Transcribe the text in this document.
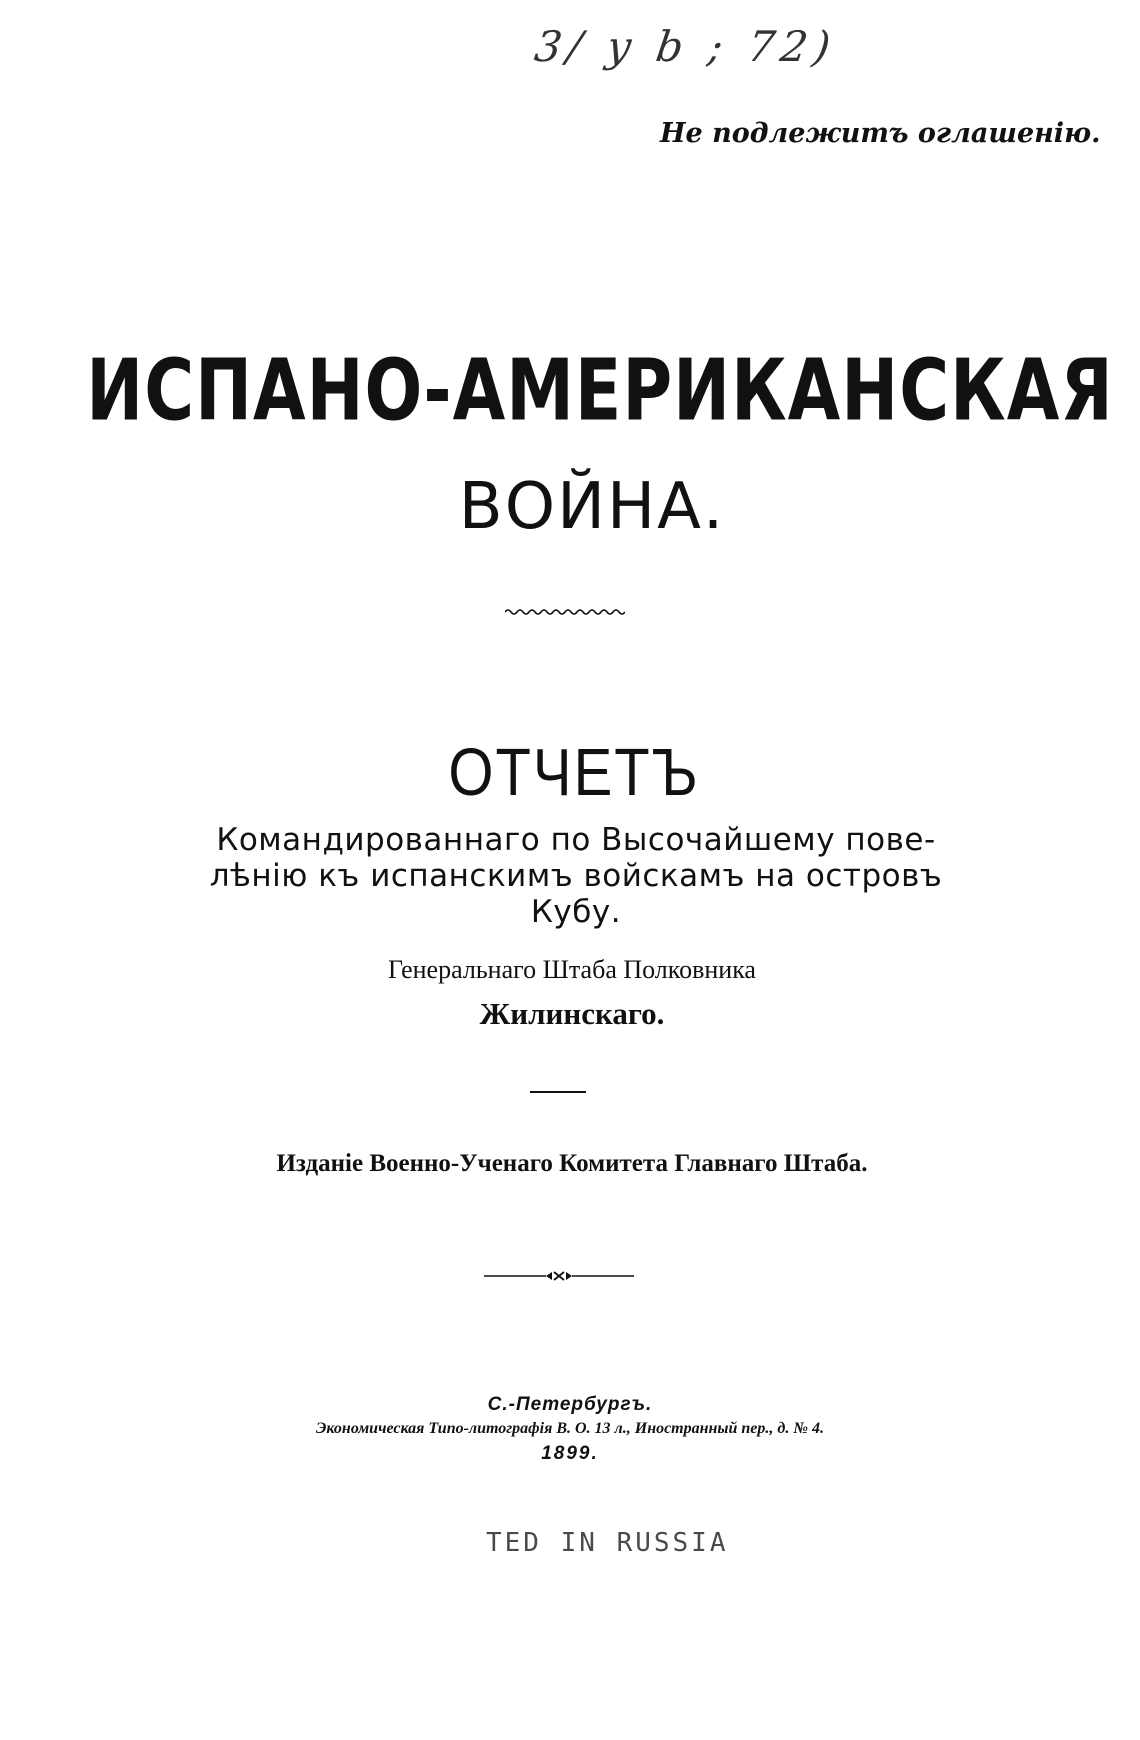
3/ y b ; 72)
Не подлежитъ оглашенію.
ИСПАНО-АМЕРИКАНСКАЯ
ВОЙНА.
ОТЧЕТЪ
Командированнаго по Высочайшему пове-
лѣнію къ испанскимъ войскамъ на островъ
Кубу.
Генеральнаго Штаба Полковника
Жилинскаго.
Изданіе Военно-Ученаго Комитета Главнаго Штаба.
С.-Петербургъ.
Экономическая Типо-литографія В. О. 13 л., Иностранный пер., д. № 4.
1899.
TED IN RUSSIA
